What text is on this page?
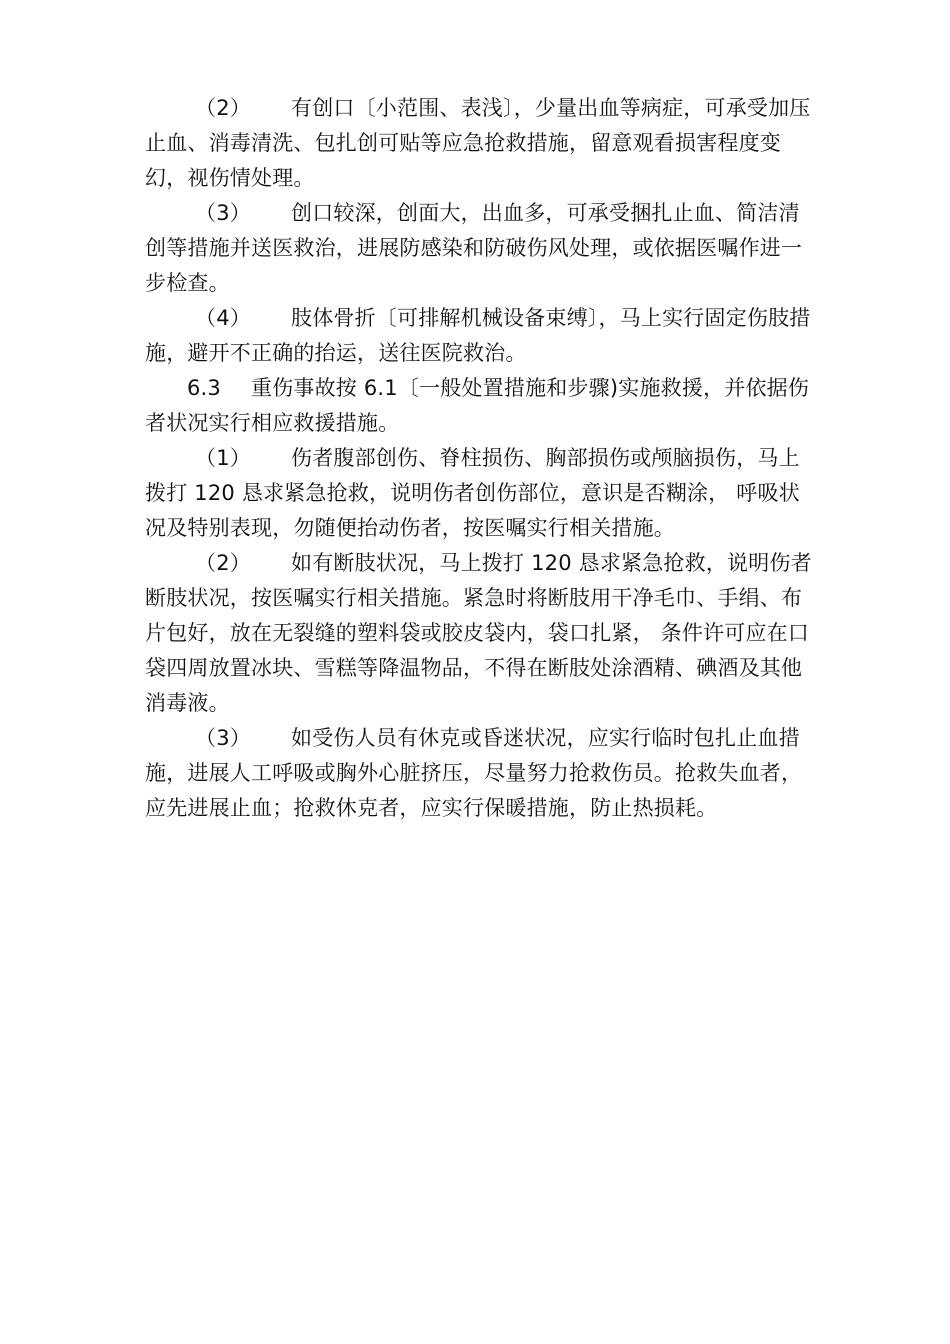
（2） 有创口〔小范围、表浅〕，少量出血等病症，可承受加压止血、消毒清洗、包扎创可贴等应急抢救措施，留意观看损害程度变幻，视伤情处理。

（3） 创口较深，创面大，出血多，可承受捆扎止血、简洁清创等措施并送医救治，进展防感染和防破伤风处理，或依据医嘱作进一步检查。

（4） 肢体骨折〔可排解机械设备束缚〕，马上实行固定伤肢措施，避开不正确的抬运，送往医院救治。

6.3 重伤事故按 6.1〔一般处置措施和步骤)实施救援，并依据伤者状况实行相应救援措施。

（1） 伤者腹部创伤、脊柱损伤、胸部损伤或颅脑损伤，马上拨打 120 恳求紧急抢救，说明伤者创伤部位，意识是否糊涂， 呼吸状况及特别表现，勿随便抬动伤者，按医嘱实行相关措施。

（2） 如有断肢状况，马上拨打 120 恳求紧急抢救，说明伤者断肢状况，按医嘱实行相关措施。紧急时将断肢用干净毛巾、手绢、布片包好，放在无裂缝的塑料袋或胶皮袋内，袋口扎紧， 条件许可应在口袋四周放置冰块、雪糕等降温物品，不得在断肢处涂酒精、碘酒及其他消毒液。

（3） 如受伤人员有休克或昏迷状况，应实行临时包扎止血措施，进展人工呼吸或胸外心脏挤压，尽量努力抢救伤员。抢救失血者，应先进展止血；抢救休克者，应实行保暖措施，防止热损耗。
